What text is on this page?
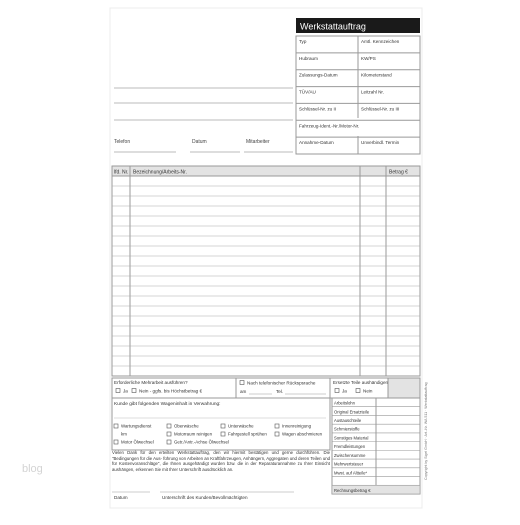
Werkstattauftrag
Typ	Amtl. Kennzeichen
Hubraum	KW/PS
Zulassungs-Datum	Kilometerstand
TÜV/AU	Leitzahl Nr.
Schlüssel-Nr. zu II	Schlüssel-Nr. zu III
Fahrzeug-Ident.-Nr./Motor-Nr.
Annahme-Datum	Unverbindl. Termin
Telefon	Datum	Mitarbeiter
lfd. Nr. Bezeichnung/Arbeits-Nr.	Betrag €
Erforderliche Mehrarbeit ausführen?
Ja Nein - ggfs. bis Höchstbetrag €
Nach telefonischer Rückspsrache
am	Tel.
Ersetzte Teile aushändigen
Ja	Nein
Kunde gibt folgenden Wageninhalt in Verwahrung:
Wartungsdienst	Oberwäsche	Unterwäsche	Innenreinigung
km	Motorraum reinigen	Fahrgestell sprühen	Wagen abschmieren
Motor Ölwechsel	Getr./Antr.-Achse Ölwechsel
Arbeitslohn
Original Ersatzteile
Austauschteile
Schmierstoffe
Sonstiges Material
Fremdleistungen
Zwischensumme
Mehrwertsteuer
Mwst. auf Altteile*
Rechnungsbetrag €
Vielen Dank für den erteilten Werkstattauftrag, den wir hiermit bestätigen und gerne durchführen. Die "Bedingungen für die Aus- führung von Arbeiten an Kraftfahrzeugen, Anhängern, Aggregaten und deren Teilen und für Kostenvoranschläge", die Ihnen ausgehändigt wurden bzw. die in der Reparaturannahme zu Ihrer Einsicht aushängen, erkennen Sie mit Ihrer Unterschrift ausdrücklich an.
Datum	Unterschrift des Kunden/Bevollmächtigten
Copyright by Sigel GmbH · Art.-Nr. WA 511 · Werkstattauftrag
blog
